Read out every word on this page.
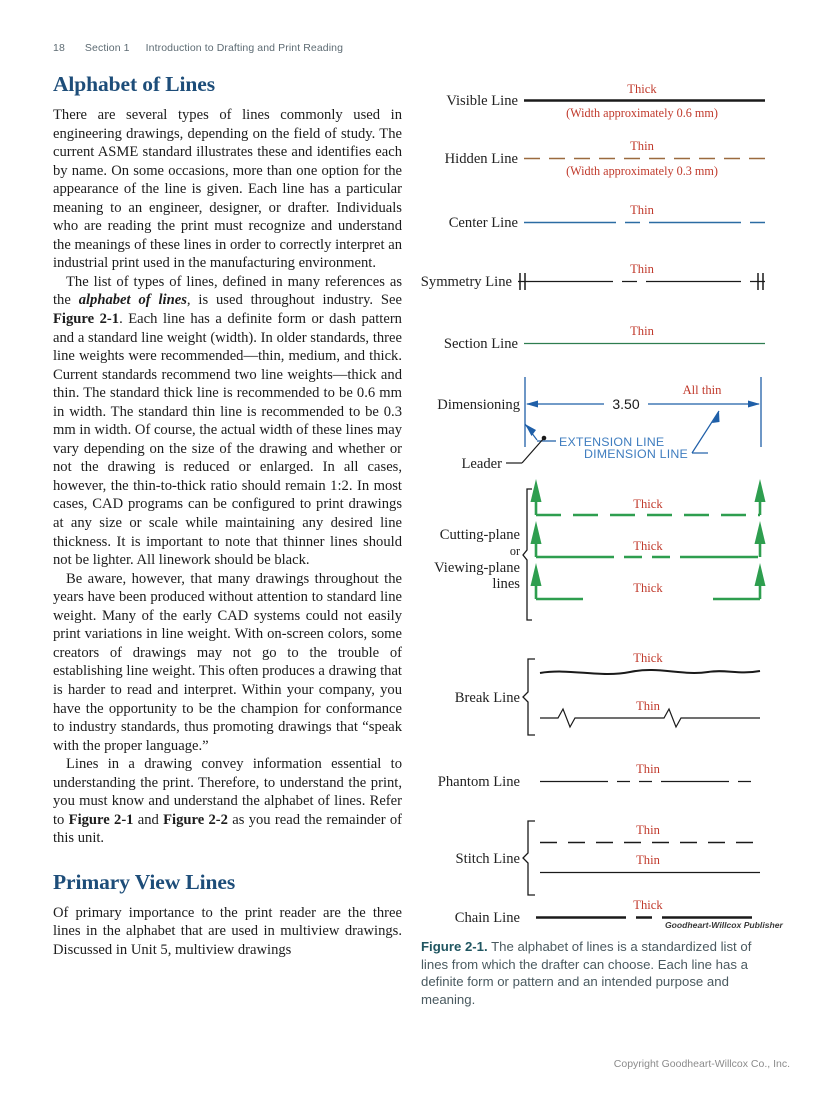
18 Section 1 Introduction to Drafting and Print Reading
Alphabet of Lines

There are several types of lines commonly used in engineering drawings, depending on the field of study. The current ASME standard illustrates these and identifies each by name. On some occasions, more than one option for the appearance of the line is given. Each line has a particular meaning to an engineer, designer, or drafter. Individuals who are reading the print must recognize and understand the meanings of these lines in order to correctly interpret an industrial print used in the manufacturing environment.

The list of types of lines, defined in many references as the alphabet of lines, is used throughout industry. See Figure 2-1. Each line has a definite form or dash pattern and a standard line weight (width). In older standards, three line weights were recommended—thin, medium, and thick. Current standards recommend two line weights—thick and thin. The standard thick line is recommended to be 0.6 mm in width. The standard thin line is recommended to be 0.3 mm in width. Of course, the actual width of these lines may vary depending on the size of the drawing and whether or not the drawing is reduced or enlarged. In all cases, however, the thin-to-thick ratio should remain 1:2. In most cases, CAD programs can be configured to print drawings at any size or scale while maintaining any desired line thickness. It is important to note that thinner lines should not be lighter. All linework should be black.

Be aware, however, that many drawings throughout the years have been produced without attention to standard line weight. Many of the early CAD systems could not easily print variations in line weight. With on-screen colors, some creators of drawings may not go to the trouble of establishing line weight. This often produces a drawing that is harder to read and interpret. Within your company, you have the opportunity to be the champion for conformance to industry standards, thus promoting drawings that “speak with the proper language.”

Lines in a drawing convey information essential to understanding the print. Therefore, to understand the print, you must know and understand the alphabet of lines. Refer to Figure 2-1 and Figure 2-2 as you read the remainder of this unit.

Primary View Lines

Of primary importance to the print reader are the three lines in the alphabet that are used in multiview drawings. Discussed in Unit 5, multiview drawings

Visible Line
Thick
(Width approximately 0.6 mm)
Hidden Line
Thin
(Width approximately 0.3 mm)
Center Line
Thin
Symmetry Line
Thin
Section Line
Thin
Dimensioning	3.50
All thin
EXTENSION LINE
DIMENSION LINE
Leader
Cutting-plane
or
Viewing-plane
lines
Thick
Thick
Thick
Break Line
Thick
Thin
Phantom Line
Thin
Stitch Line
Thin
Thin
Chain Line
Thick
Goodheart-Willcox Publisher
Figure 2-1. The alphabet of lines is a standardized list of lines from which the drafter can choose. Each line has a definite form or pattern and an intended purpose and meaning.
Copyright Goodheart-Willcox Co., Inc.
